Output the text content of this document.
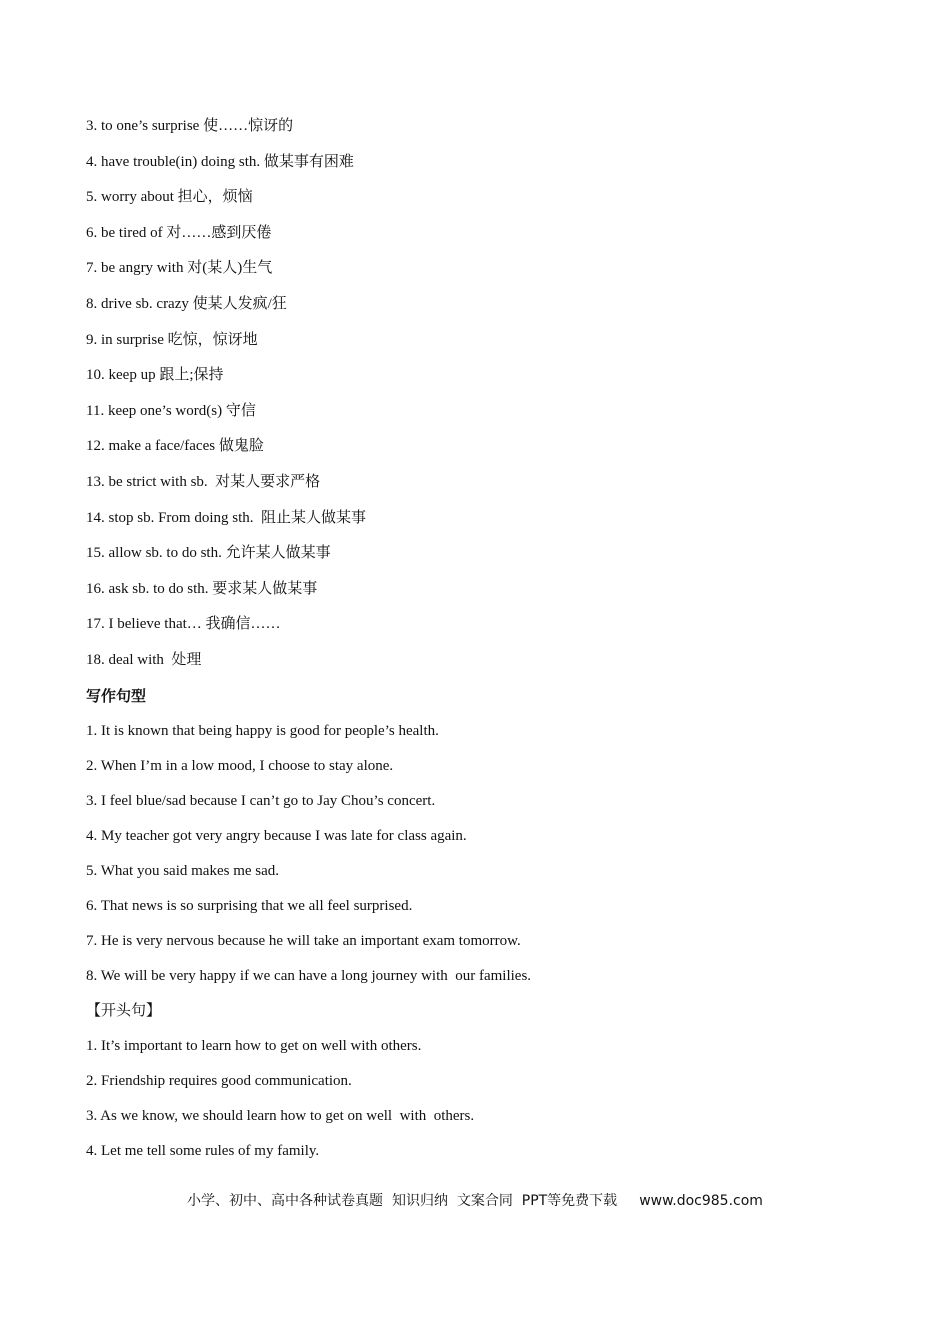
3. to one’s surprise 使……惊讶的
4. have trouble(in) doing sth. 做某事有困难
5. worry about 担心，烦恼
6. be tired of 对……感到厌倦
7. be angry with 对(某人)生气
8. drive sb. crazy 使某人发疯/狂
9. in surprise 吃惊，惊讶地
10. keep up 跟上;保持
11. keep one’s word(s) 守信
12. make a face/faces 做鬼脸
13. be strict with sb.  对某人要求严格
14. stop sb. From doing sth.  阻止某人做某事
15. allow sb. to do sth. 允许某人做某事
16. ask sb. to do sth. 要求某人做某事
17. I believe that… 我确信……
18. deal with  处理
写作句型
1. It is known that being happy is good for people’s health.
2. When I’m in a low mood, I choose to stay alone.
3. I feel blue/sad because I can’t go to Jay Chou’s concert.
4. My teacher got very angry because I was late for class again.
5. What you said makes me sad.
6. That news is so surprising that we all feel surprised.
7. He is very nervous because he will take an important exam tomorrow.
8. We will be very happy if we can have a long journey with  our families.
【开头句】
1. It’s important to learn how to get on well with others.
2. Friendship requires good communication.
3. As we know, we should learn how to get on well  with  others.
4. Let me tell some rules of my family.
小学、初中、高中各种试卷真题  知识归纳  文案合同  PPT等免费下载 www.doc985.com
